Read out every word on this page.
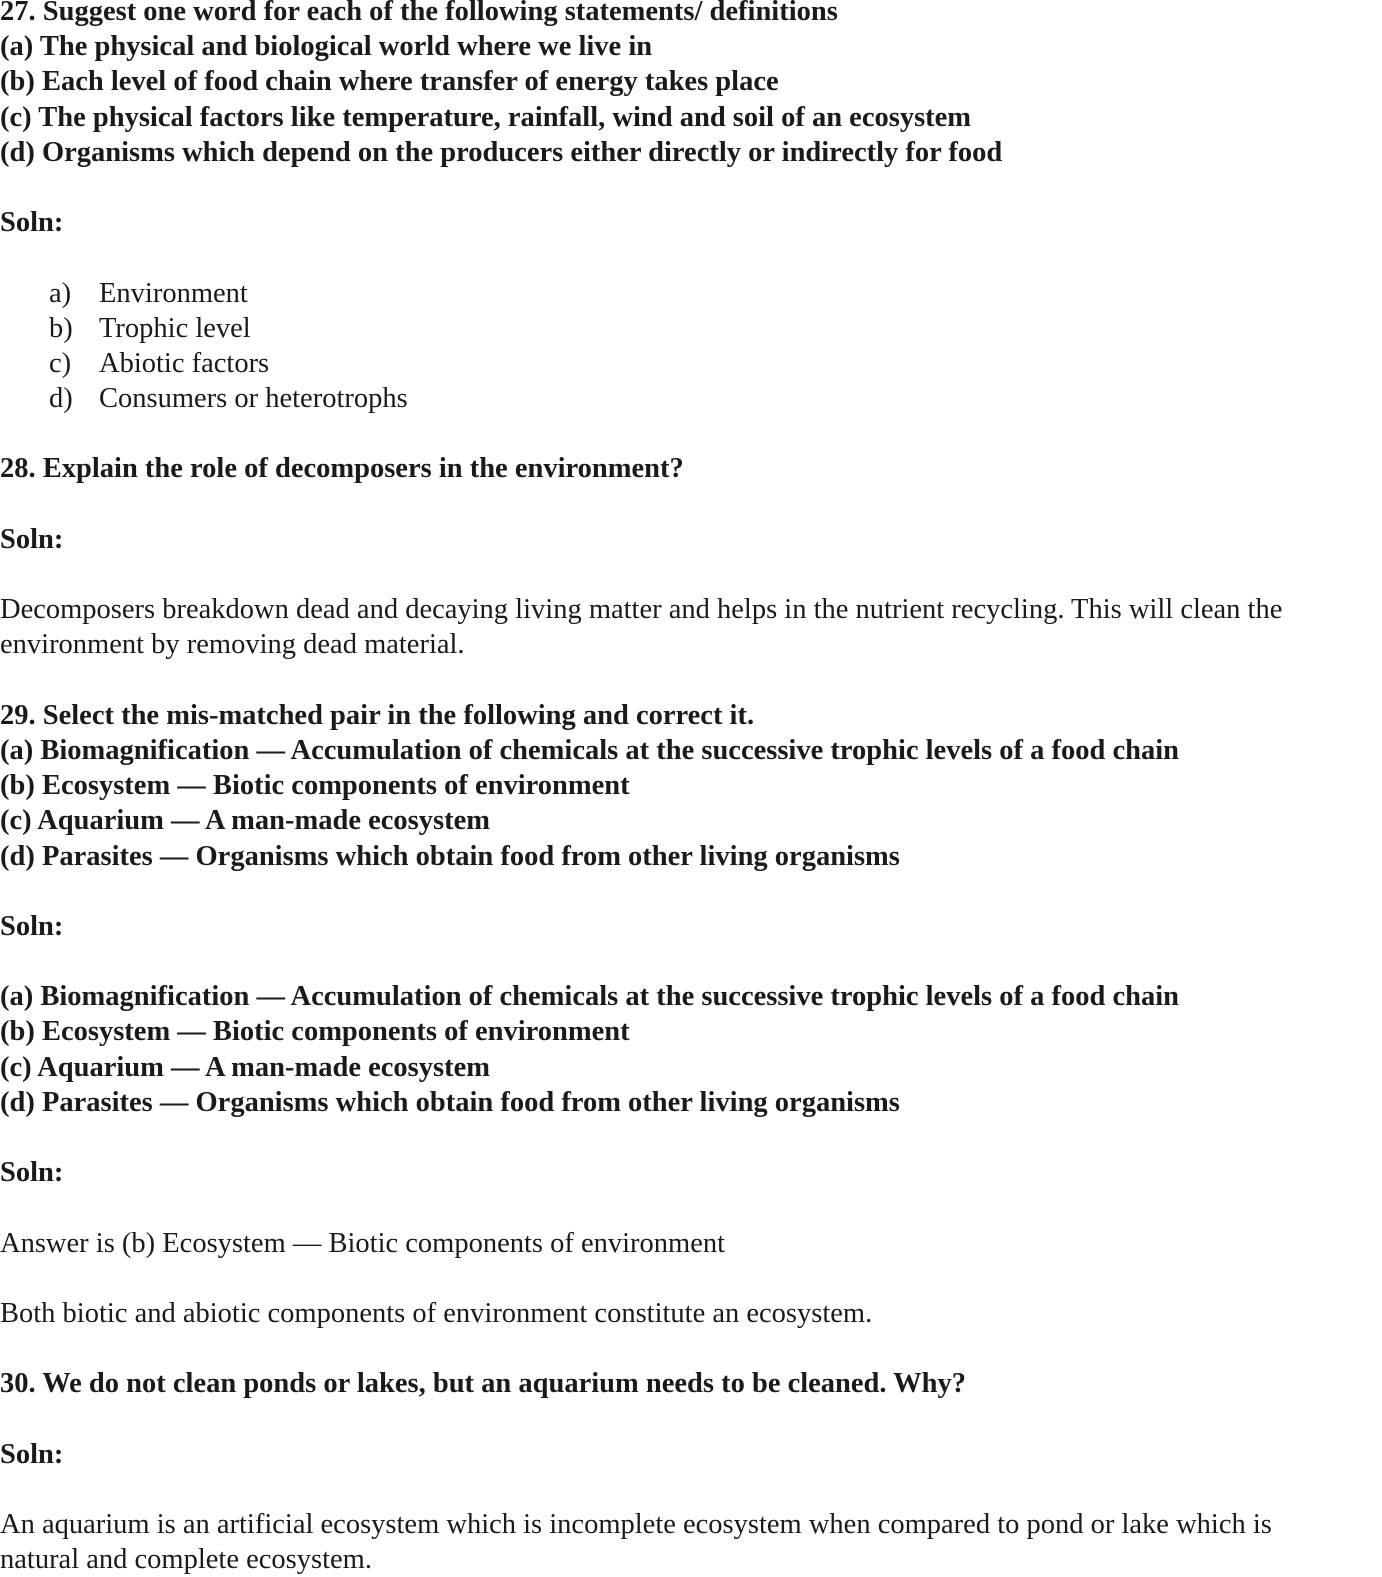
27. Suggest one word for each of the following statements/ definitions
(a) The physical and biological world where we live in
(b) Each level of food chain where transfer of energy takes place
(c) The physical factors like temperature, rainfall, wind and soil of an ecosystem
(d) Organisms which depend on the producers either directly or indirectly for food
Soln:
a) Environment
b) Trophic level
c) Abiotic factors
d) Consumers or heterotrophs
28. Explain the role of decomposers in the environment?
Soln:
Decomposers breakdown dead and decaying living matter and helps in the nutrient recycling. This will clean the
environment by removing dead material.
29. Select the mis-matched pair in the following and correct it.
(a) Biomagnification — Accumulation of chemicals at the successive trophic levels of a food chain
(b) Ecosystem — Biotic components of environment
(c) Aquarium — A man-made ecosystem
(d) Parasites — Organisms which obtain food from other living organisms
Soln:
(a) Biomagnification — Accumulation of chemicals at the successive trophic levels of a food chain
(b) Ecosystem — Biotic components of environment
(c) Aquarium — A man-made ecosystem
(d) Parasites — Organisms which obtain food from other living organisms
Soln:
Answer is (b) Ecosystem — Biotic components of environment
Both biotic and abiotic components of environment constitute an ecosystem.
30. We do not clean ponds or lakes, but an aquarium needs to be cleaned. Why?
Soln:
An aquarium is an artificial ecosystem which is incomplete ecosystem when compared to pond or lake which is
natural and complete ecosystem.
